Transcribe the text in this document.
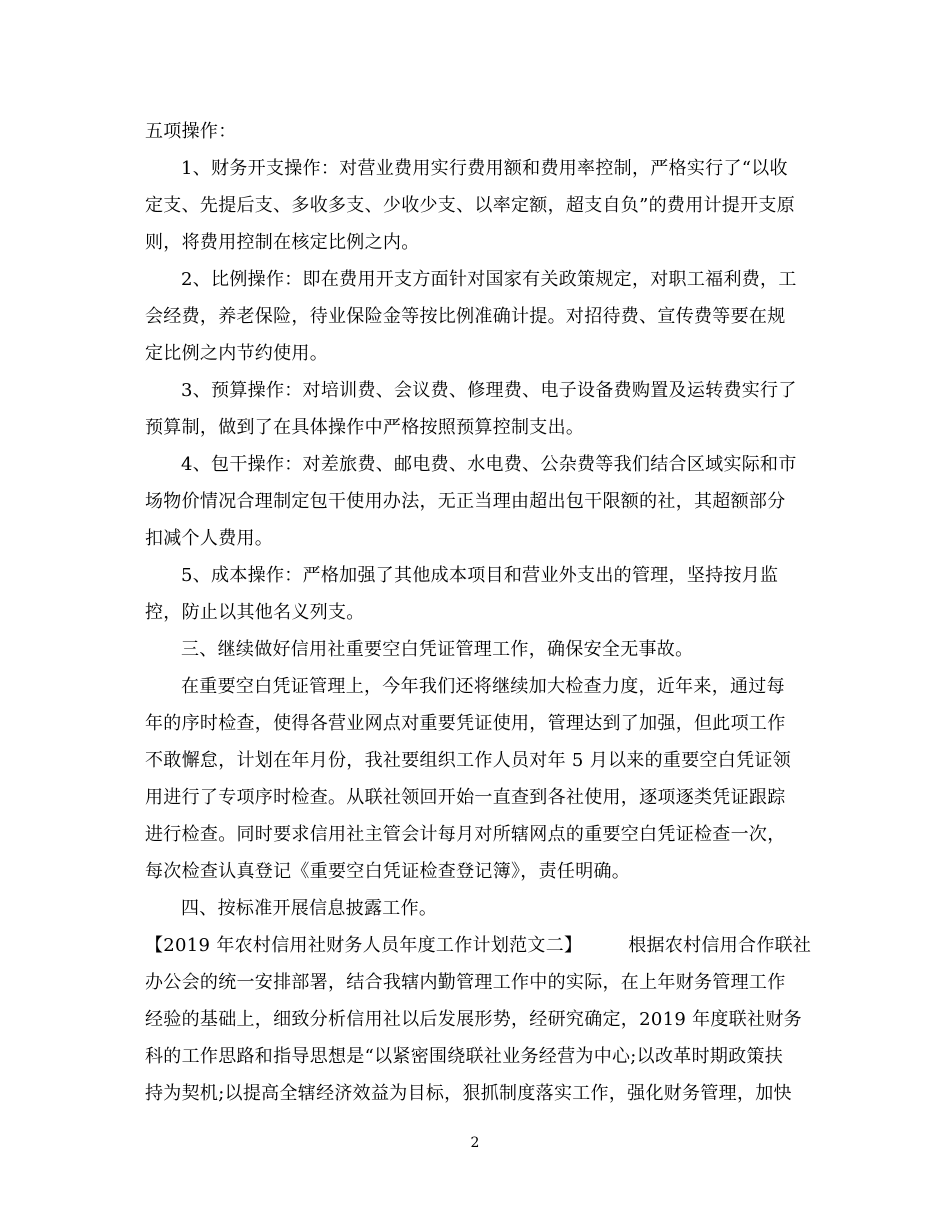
五项操作：

1、财务开支操作：对营业费用实行费用额和费用率控制，严格实行了“以收
定支、先提后支、多收多支、少收少支、以率定额，超支自负”的费用计提开支原
则，将费用控制在核定比例之内。

2、比例操作：即在费用开支方面针对国家有关政策规定，对职工福利费，工
会经费，养老保险，待业保险金等按比例准确计提。对招待费、宣传费等要在规
定比例之内节约使用。

3、预算操作：对培训费、会议费、修理费、电子设备费购置及运转费实行了
预算制，做到了在具体操作中严格按照预算控制支出。

4、包干操作：对差旅费、邮电费、水电费、公杂费等我们结合区域实际和市
场物价情况合理制定包干使用办法，无正当理由超出包干限额的社，其超额部分
扣减个人费用。

5、成本操作：严格加强了其他成本项目和营业外支出的管理，坚持按月监
控，防止以其他名义列支。

三、继续做好信用社重要空白凭证管理工作，确保安全无事故。

在重要空白凭证管理上，今年我们还将继续加大检查力度，近年来，通过每
年的序时检查，使得各营业网点对重要凭证使用，管理达到了加强，但此项工作
不敢懈怠，计划在年月份，我社要组织工作人员对年 5 月以来的重要空白凭证领
用进行了专项序时检查。从联社领回开始一直查到各社使用，逐项逐类凭证跟踪
进行检查。同时要求信用社主管会计每月对所辖网点的重要空白凭证检查一次，
每次检查认真登记《重要空白凭证检查登记簿》，责任明确。

四、按标准开展信息披露工作。

【2019 年农村信用社财务人员年度工作计划范文二】　　　根据农村信用合作联社
办公会的统一安排部署，结合我辖内勤管理工作中的实际，在上年财务管理工作
经验的基础上，细致分析信用社以后发展形势，经研究确定，2019 年度联社财务
科的工作思路和指导思想是“以紧密围绕联社业务经营为中心;以改革时期政策扶
持为契机;以提高全辖经济效益为目标，狠抓制度落实工作，强化财务管理，加快

2
